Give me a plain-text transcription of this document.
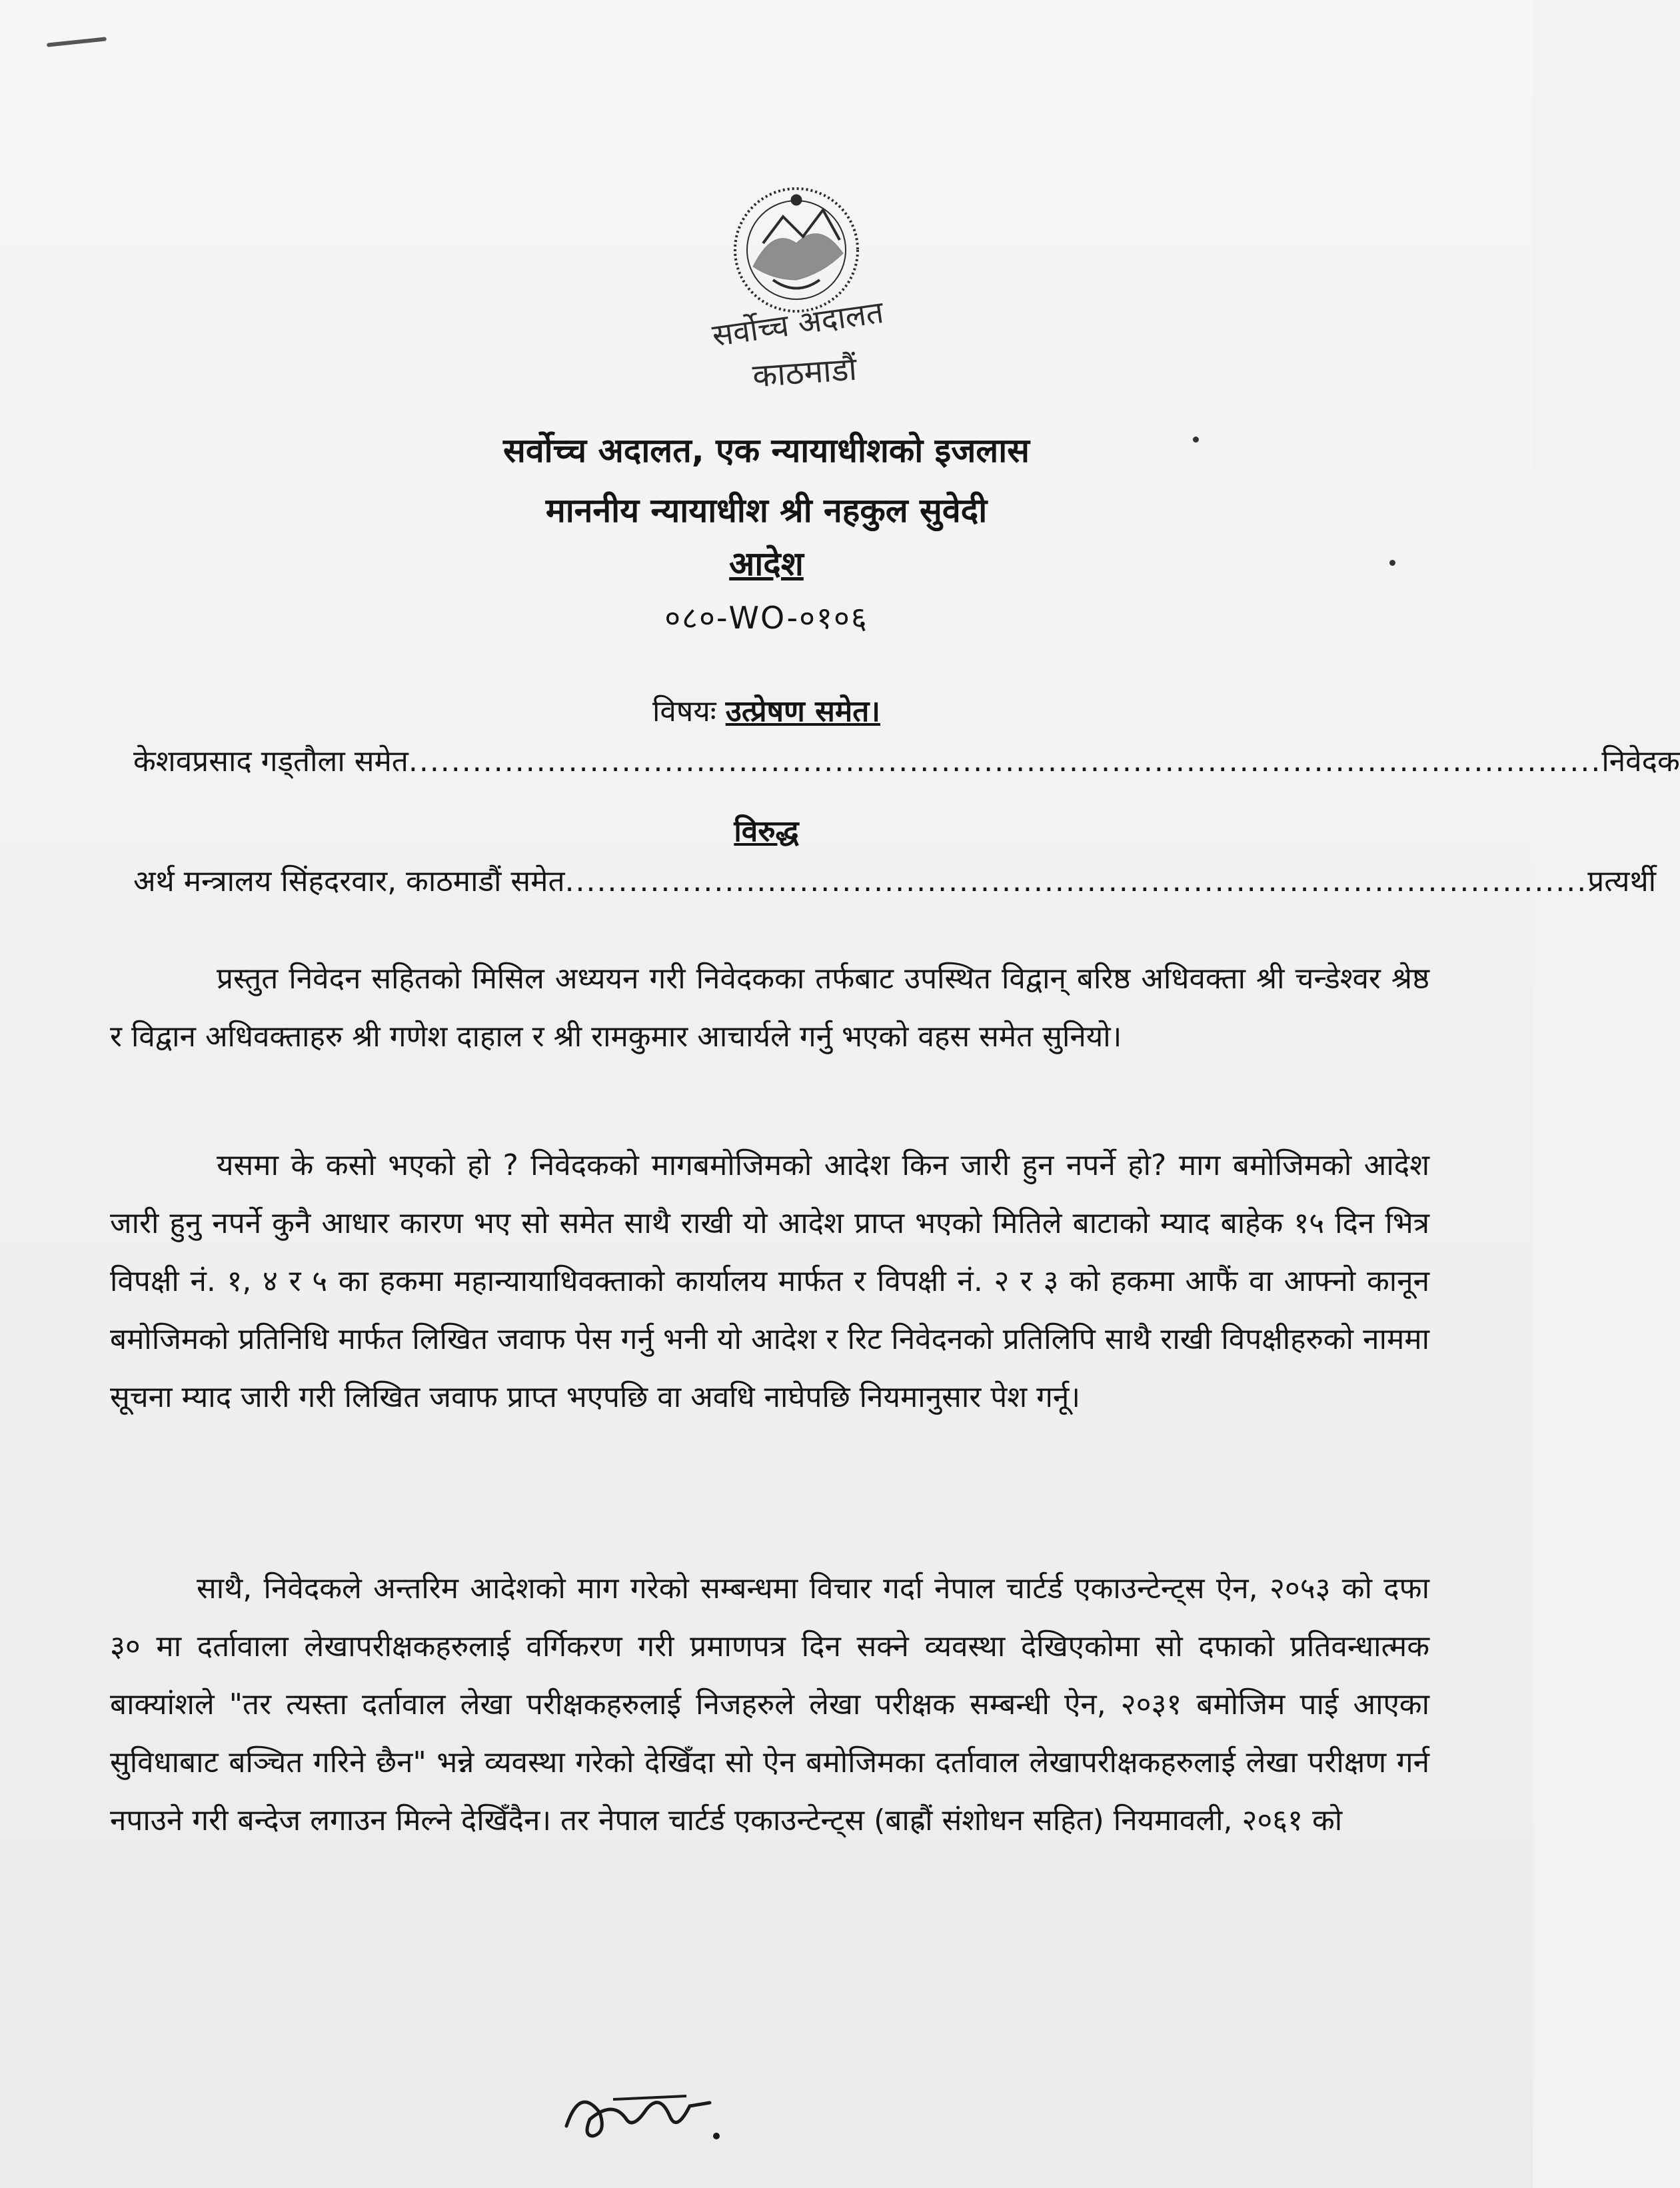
सर्वोच्च अदालत
काठमाडौं
सर्वोच्च अदालत, एक न्यायाधीशको इजलास
माननीय न्यायाधीश श्री नहकुल सुवेदी
आदेश
०८०-WO-०१०६
विषयः उत्प्रेषण समेत।
केशवप्रसाद गड्तौला समेत ................................................................................................................ निवेदक
विरुद्ध
अर्थ मन्त्रालय सिंहदरवार, काठमाडौं समेत ................................................................................................ प्रत्यर्थी

प्रस्तुत निवेदन सहितको मिसिल अध्ययन गरी निवेदकका तर्फबाट उपस्थित विद्वान् बरिष्ठ अधिवक्ता श्री चन्डेश्वर श्रेष्ठ र विद्वान अधिवक्ताहरु श्री गणेश दाहाल र श्री रामकुमार आचार्यले गर्नु भएको वहस समेत सुनियो।

यसमा के कसो भएको हो ? निवेदकको मागबमोजिमको आदेश किन जारी हुन नपर्ने हो? माग बमोजिमको आदेश जारी हुनु नपर्ने कुनै आधार कारण भए सो समेत साथै राखी यो आदेश प्राप्त भएको मितिले बाटाको म्याद बाहेक १५ दिन भित्र विपक्षी नं. १, ४ र ५ का हकमा महान्यायाधिवक्ताको कार्यालय मार्फत र विपक्षी नं. २ र ३ को हकमा आफैं वा आफ्नो कानून बमोजिमको प्रतिनिधि मार्फत लिखित जवाफ पेस गर्नु भनी यो आदेश र रिट निवेदनको प्रतिलिपि साथै राखी विपक्षीहरुको नाममा सूचना म्याद जारी गरी लिखित जवाफ प्राप्त भएपछि वा अवधि नाघेपछि नियमानुसार पेश गर्नू।

साथै, निवेदकले अन्तरिम आदेशको माग गरेको सम्बन्धमा विचार गर्दा नेपाल चार्टर्ड एकाउन्टेन्ट्स ऐन, २०५३ को दफा ३० मा दर्तावाला लेखापरीक्षकहरुलाई वर्गिकरण गरी प्रमाणपत्र दिन सक्ने व्यवस्था देखिएकोमा सो दफाको प्रतिवन्धात्मक बाक्यांशले "तर त्यस्ता दर्तावाल लेखा परीक्षकहरुलाई निजहरुले लेखा परीक्षक सम्बन्धी ऐन, २०३१ बमोजिम पाई आएका सुविधाबाट बञ्चित गरिने छैन" भन्ने व्यवस्था गरेको देखिँदा सो ऐन बमोजिमका दर्तावाल लेखापरीक्षकहरुलाई लेखा परीक्षण गर्न नपाउने गरी बन्देज लगाउन मिल्ने देखिँदैन। तर नेपाल चार्टर्ड एकाउन्टेन्ट्स (बाह्रौं संशोधन सहित) नियमावली, २०६१ को
